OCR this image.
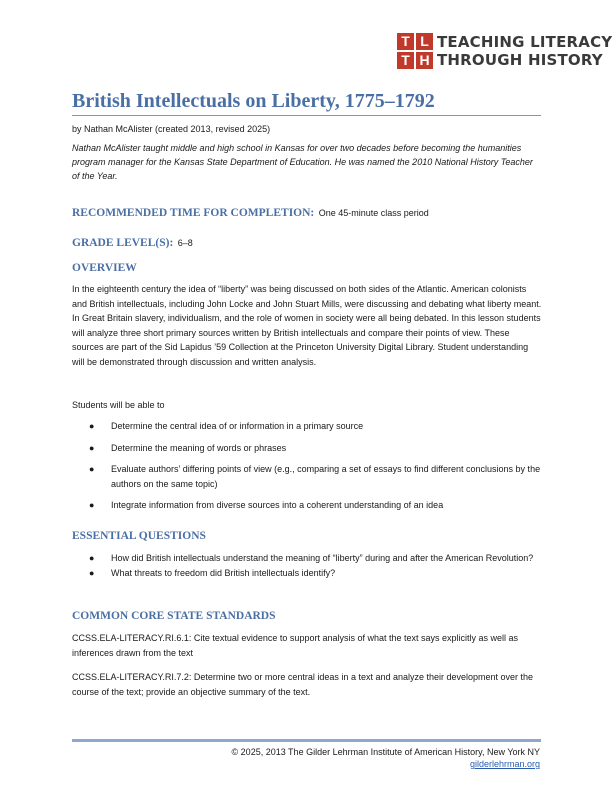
T L
T H
TEACHING LITERACY
THROUGH HISTORY
British Intellectuals on Liberty, 1775–1792
by Nathan McAlister (created 2013, revised 2025)

Nathan McAlister taught middle and high school in Kansas for over two decades before becoming the humanities program manager for the Kansas State Department of Education. He was named the 2010 National History Teacher of the Year.

RECOMMENDED TIME FOR COMPLETION: One 45-minute class period
GRADE LEVEL(S): 6–8
OVERVIEW

In the eighteenth century the idea of “liberty” was being discussed on both sides of the Atlantic. American colonists and British intellectuals, including John Locke and John Stuart Mills, were discussing and debating what liberty meant. In Great Britain slavery, individualism, and the role of women in society were all being debated. In this lesson students will analyze three short primary sources written by British intellectuals and compare their points of view. These sources are part of the Sid Lapidus ’59 Collection at the Princeton University Digital Library. Student understanding will be demonstrated through discussion and written analysis.

Students will be able to

● Determine the central idea of or information in a primary source
● Determine the meaning of words or phrases
● Evaluate authors’ differing points of view (e.g., comparing a set of essays to find different conclusions by the authors on the same topic)
● Integrate information from diverse sources into a coherent understanding of an idea
ESSENTIAL QUESTIONS
● How did British intellectuals understand the meaning of “liberty” during and after the American Revolution?
● What threats to freedom did British intellectuals identify?
COMMON CORE STATE STANDARDS

CCSS.ELA-LITERACY.RI.6.1: Cite textual evidence to support analysis of what the text says explicitly as well as inferences drawn from the text

CCSS.ELA-LITERACY.RI.7.2: Determine two or more central ideas in a text and analyze their development over the course of the text; provide an objective summary of the text.

© 2025, 2013 The Gilder Lehrman Institute of American History, New York NY
gilderlehrman.org
